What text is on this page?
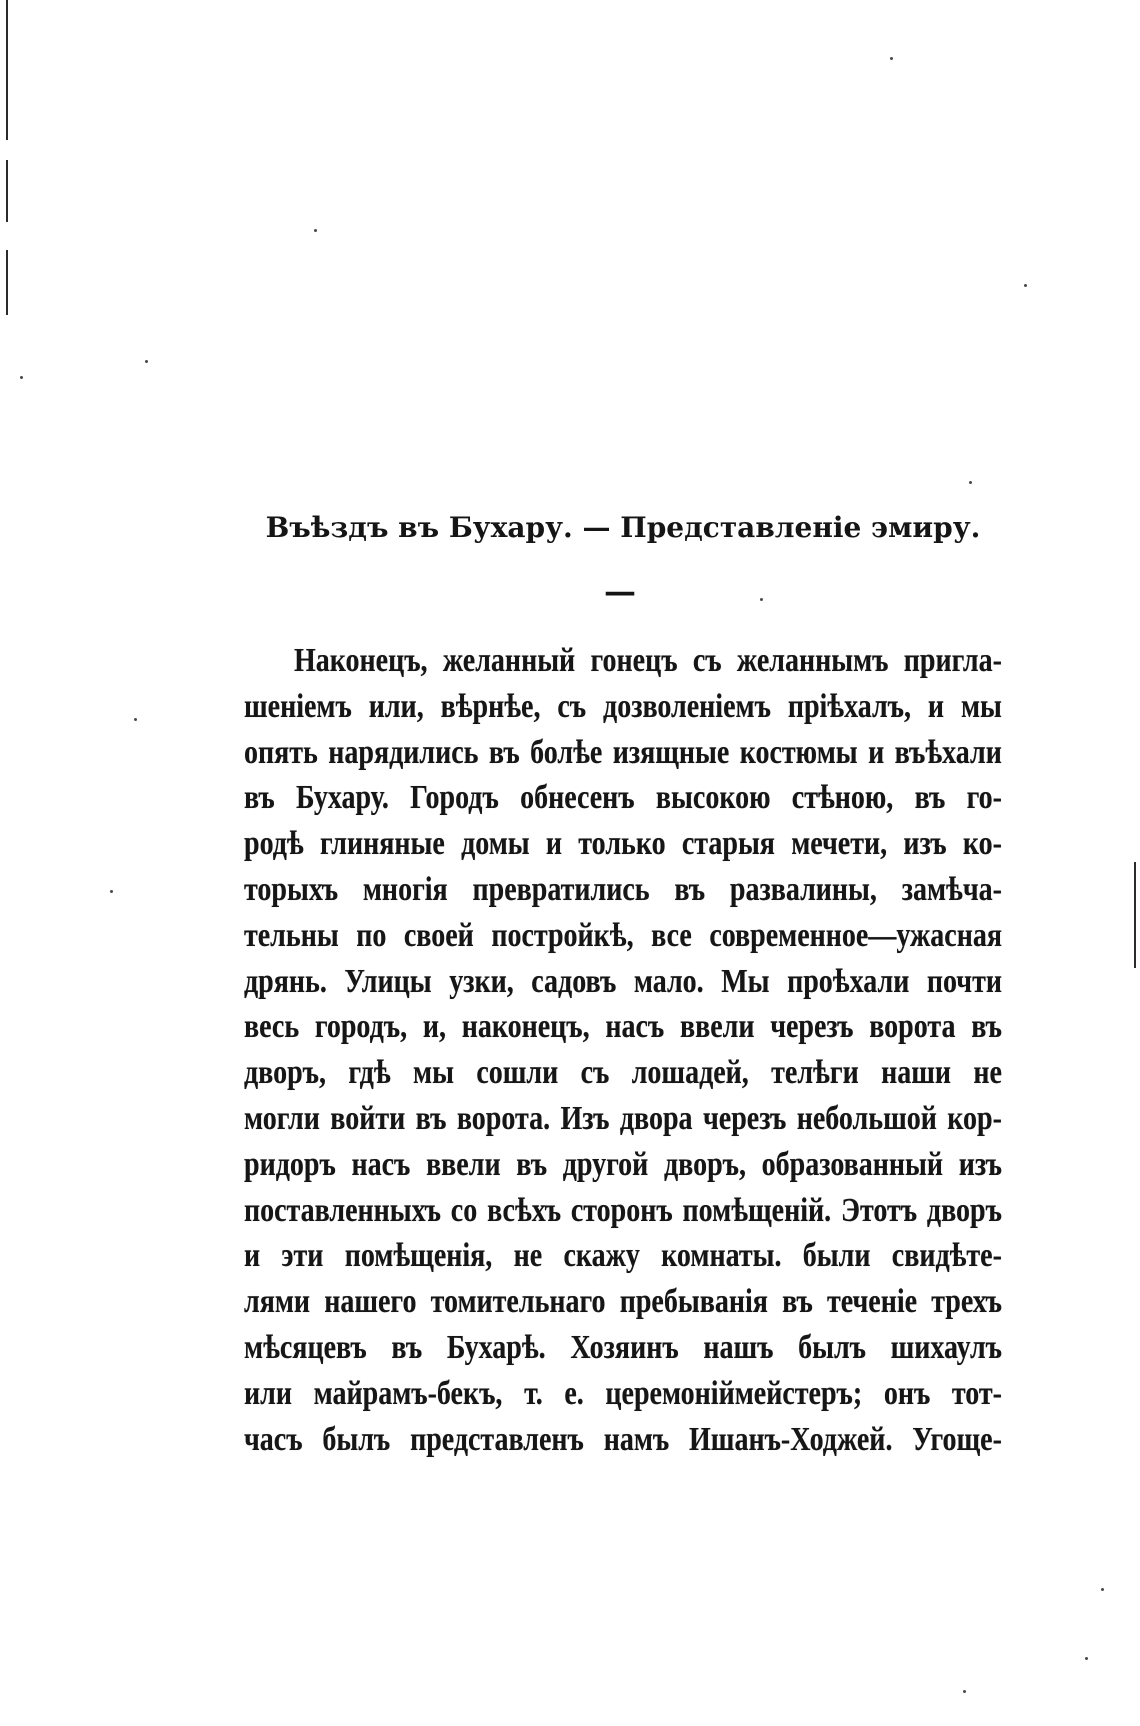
Въѣздъ въ Бухару. — Представленіе эмиру.
—
Наконецъ, желанный гонецъ съ желаннымъ пригла-
шеніемъ или, вѣрнѣе, съ дозволеніемъ пріѣхалъ, и мы
опять нарядились въ болѣе изящные костюмы и въѣхали
въ Бухару. Городъ обнесенъ высокою стѣною, въ го-
родѣ глиняные домы и только старыя мечети, изъ ко-
торыхъ многія превратились въ развалины, замѣча-
тельны по своей постройкѣ, все современное—ужасная
дрянь. Улицы узки, садовъ мало. Мы проѣхали почти
весь городъ, и, наконецъ, насъ ввели черезъ ворота въ
дворъ, гдѣ мы сошли съ лошадей, телѣги наши не
могли войти въ ворота. Изъ двора черезъ небольшой кор-
ридоръ насъ ввели въ другой дворъ, образованный изъ
поставленныхъ со всѣхъ сторонъ помѣщеній. Этотъ дворъ
и эти помѣщенія, не скажу комнаты. были свидѣте-
лями нашего томительнаго пребыванія въ теченіе трехъ
мѣсяцевъ въ Бухарѣ. Хозяинъ нашъ былъ шихаулъ
или майрамъ-бекъ, т. е. церемоніймейстеръ; онъ тот-
часъ былъ представленъ намъ Ишанъ-Ходжей. Угоще-
